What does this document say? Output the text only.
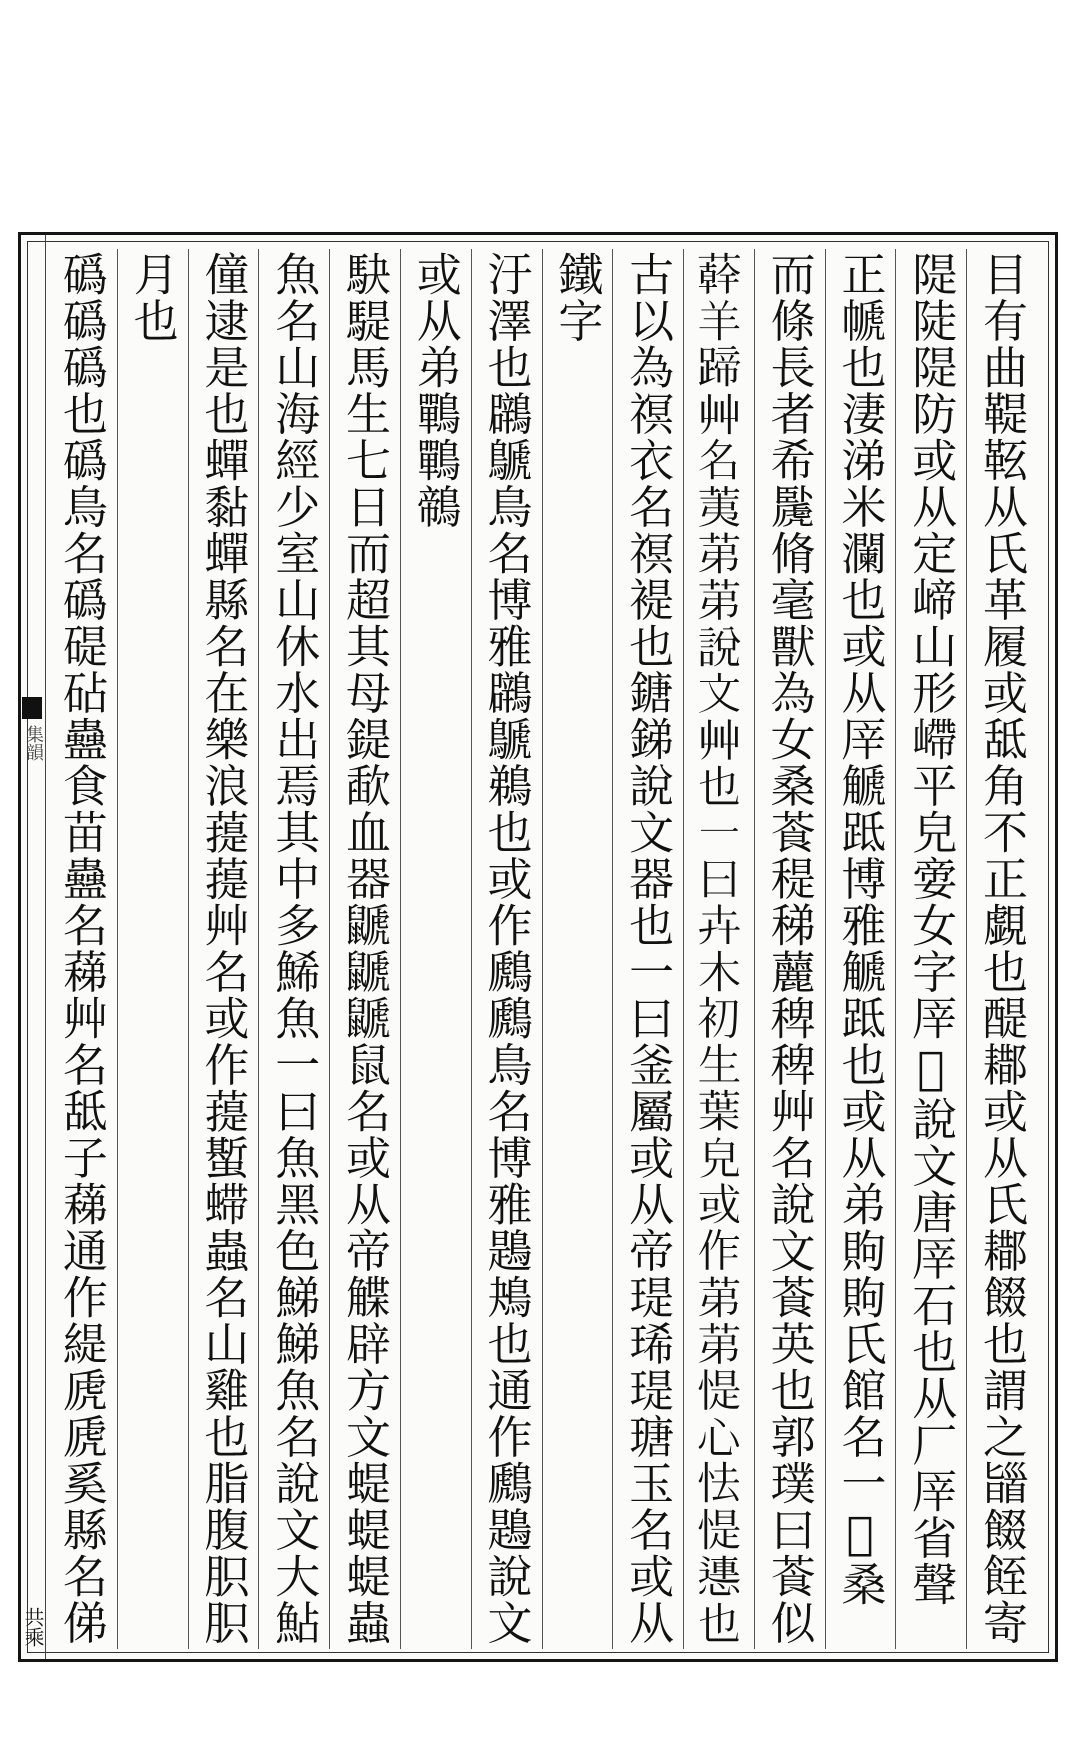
集韻
共乘
目有曲鞮䩘从氏革履或䑛角不正覷也醍䣢或从氏䣢餟也謂之䭬餟䬹寄
隄陡隄防或从定崹山形嵽平皃㛳女字厗𥐢說文唐厗石也从厂厗省聲
正㡗也淒涕米瀾也或从厗䚦䟡博雅䚦䟡也或从弟䝭䝭氏館名一𣘋桑
而條長者希䖙脩毫獸為女桑䓹䅠稊䕻稗稗艸名說文䓹英也郭璞曰䓹似
𦼮羊蹄艸名荑苐苐說文艸也一曰卉木初生葉皃或作苐苐惿心怯惿㦁也
古以為䄙衣名䄙褆也鎕銻說文器也一曰釜屬或从帝瑅琋瑅瑭玉名或从
鐵字
汙澤也鸊鷈鳥名博雅鸊鷈鵜也或作鷉鷉鳥名博雅鶗鴂也通作鷉鶗說文
或从弟鷤鷤鶙
駃騠馬生七日而超其母鍉歃血器鼶鼶鼶鼠名或从帝䚢辟方文蝭蝭蝭蟲
魚名山海經少室山休水出焉其中多鯑魚一曰魚黑色鮷鮷魚名說文大鮎
僮逮是也蟬黏蟬縣名在樂浪䔶䔶艸名或作䔶蟴䗖蟲名山雞也脂腹胑胑
月也
䃣䃣䃣也䃣鳥名䃣碮砧蠱食苗蠱名蕛艸名䑛子蕛通作緹虒虒奚縣名俤
